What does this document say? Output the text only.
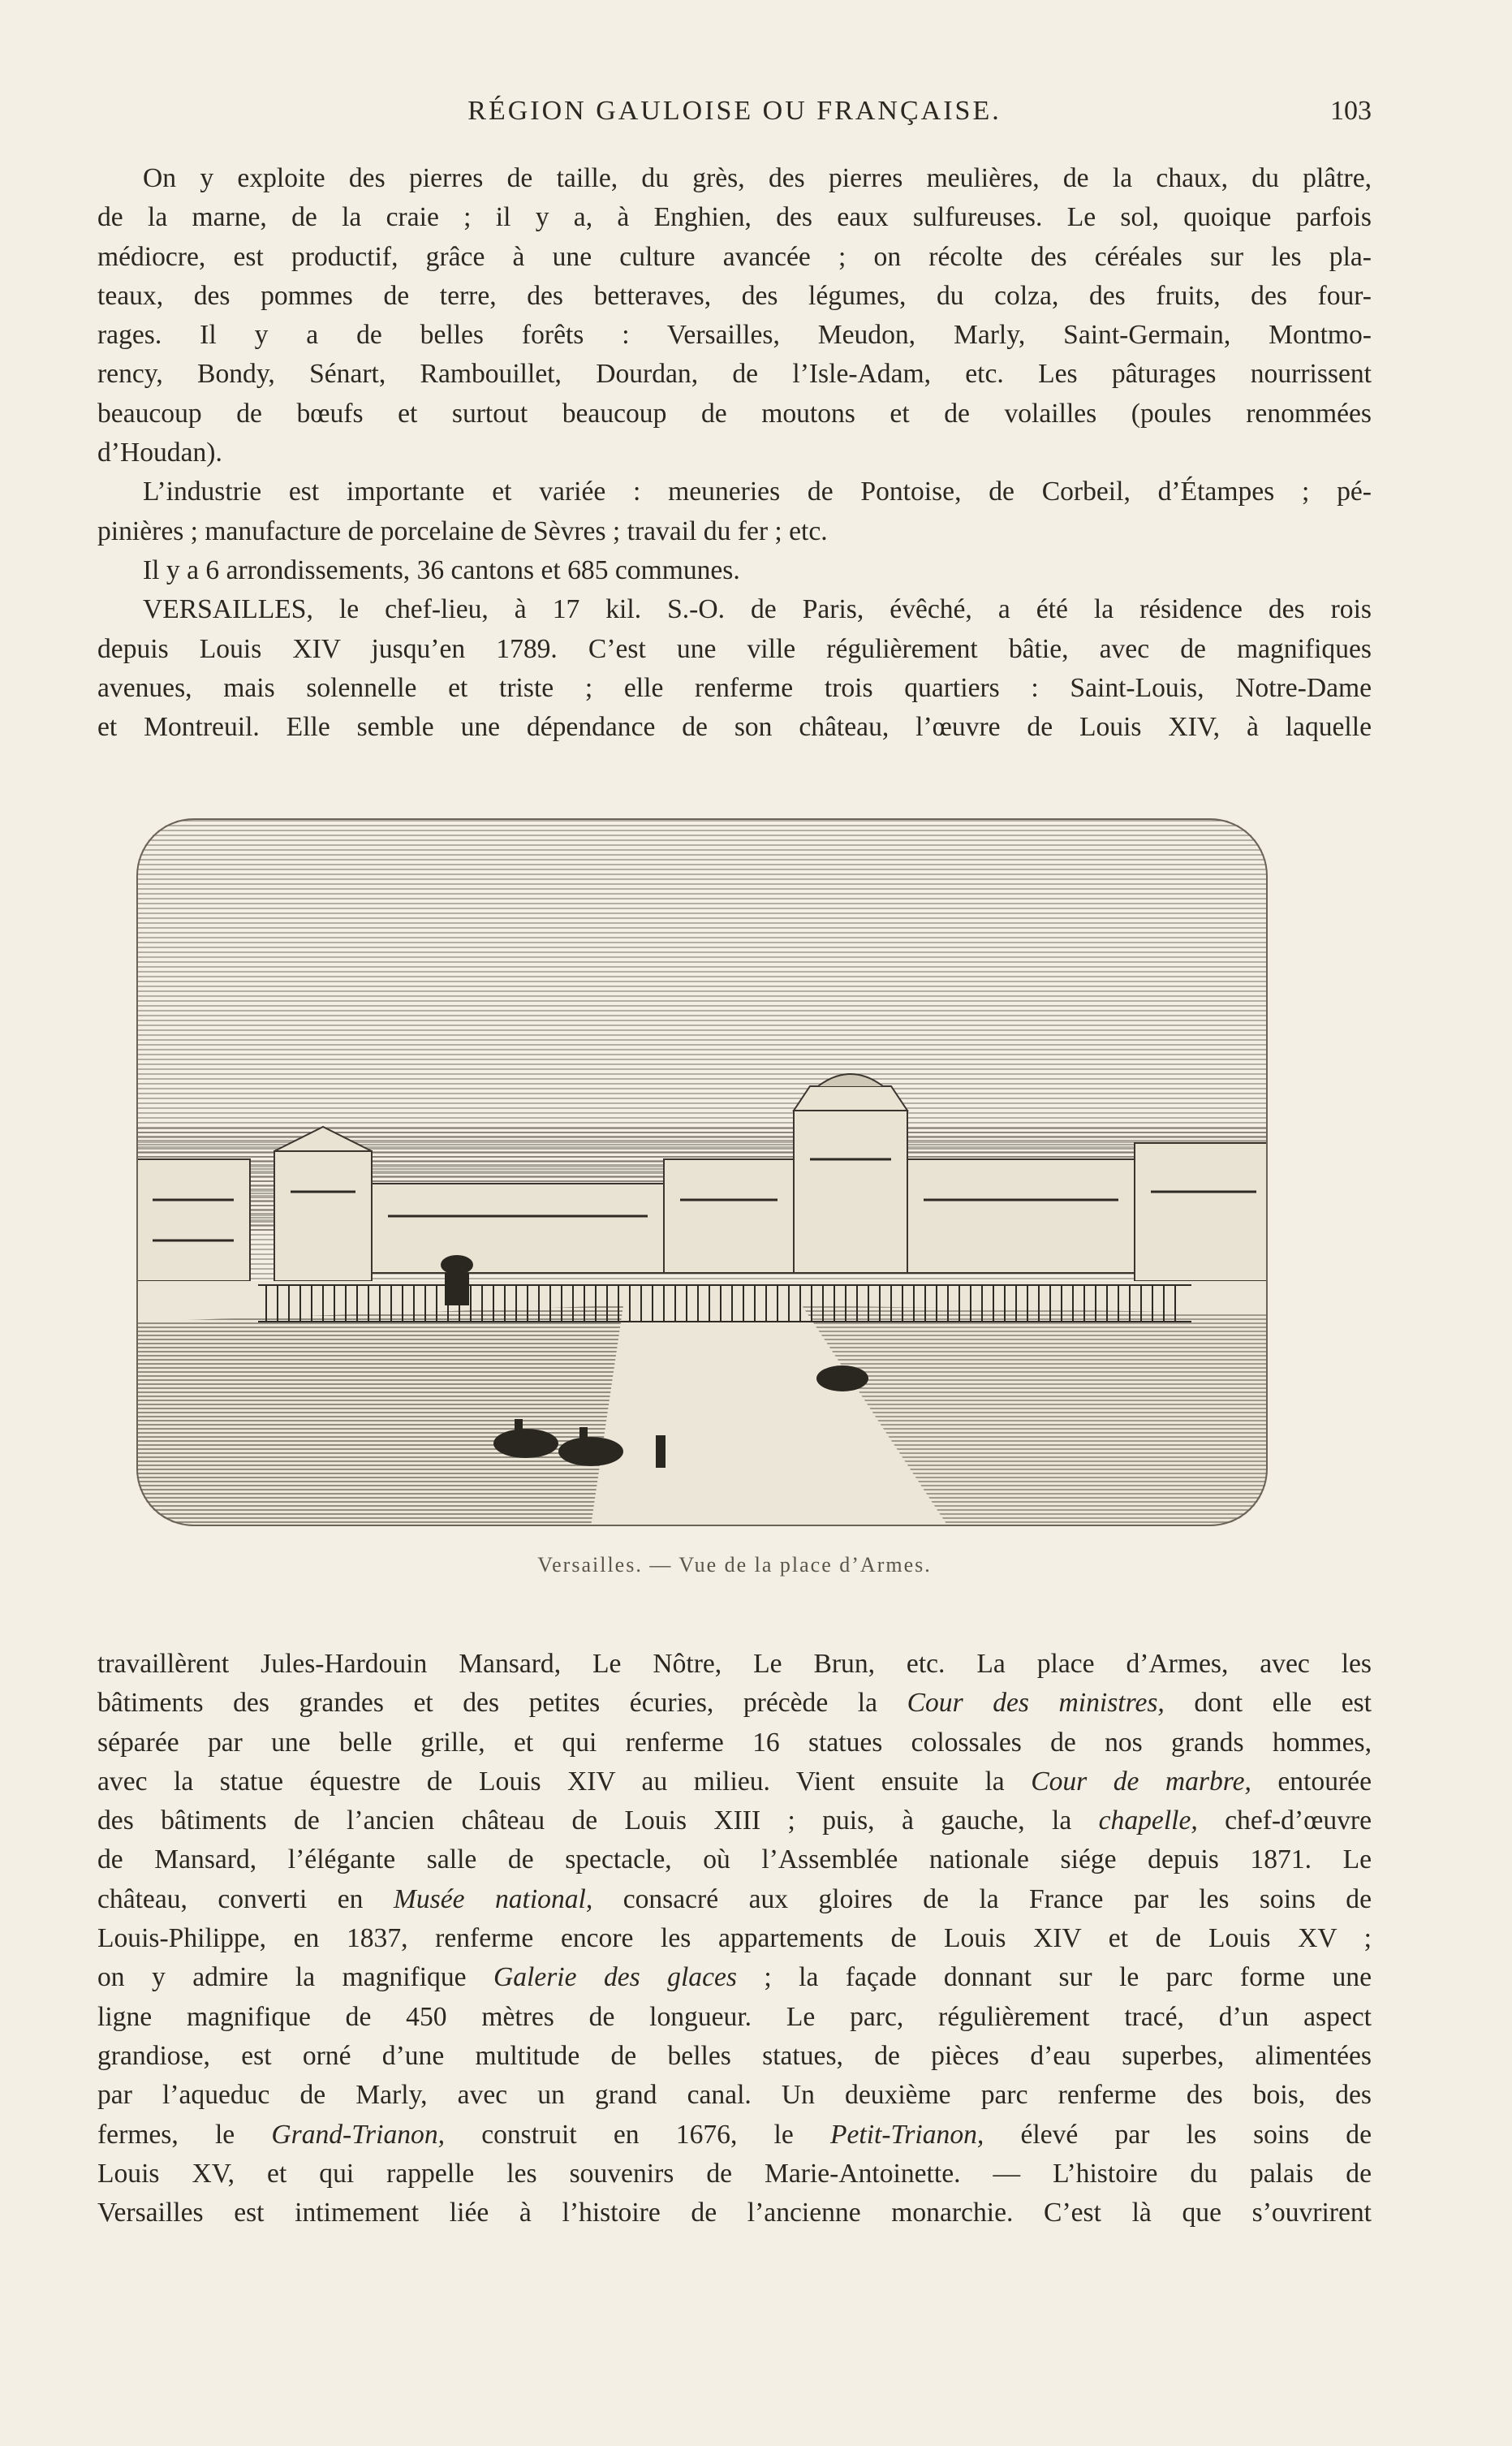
RÉGION GAULOISE OU FRANÇAISE.	103
On y exploite des pierres de taille, du grès, des pierres meulières, de la chaux, du plâtre,
de la marne, de la craie ; il y a, à Enghien, des eaux sulfureuses. Le sol, quoique parfois
médiocre, est productif, grâce à une culture avancée ; on récolte des céréales sur les pla-
teaux, des pommes de terre, des betteraves, des légumes, du colza, des fruits, des four-
rages. Il y a de belles forêts : Versailles, Meudon, Marly, Saint-Germain, Montmo-
rency, Bondy, Sénart, Rambouillet, Dourdan, de l’Isle-Adam, etc. Les pâturages nourrissent
beaucoup de bœufs et surtout beaucoup de moutons et de volailles (poules renommées
d’Houdan).
L’industrie est importante et variée : meuneries de Pontoise, de Corbeil, d’Étampes ; pé-
pinières ; manufacture de porcelaine de Sèvres ; travail du fer ; etc.
Il y a 6 arrondissements, 36 cantons et 685 communes.
VERSAILLES, le chef-lieu, à 17 kil. S.-O. de Paris, évêché, a été la résidence des rois
depuis Louis XIV jusqu’en 1789. C’est une ville régulièrement bâtie, avec de magnifiques
avenues, mais solennelle et triste ; elle renferme trois quartiers : Saint-Louis, Notre-Dame
et Montreuil. Elle semble une dépendance de son château, l’œuvre de Louis XIV, à laquelle
Versailles. — Vue de la place d’Armes.
travaillèrent Jules-Hardouin Mansard, Le Nôtre, Le Brun, etc. La place d’Armes, avec les
bâtiments des grandes et des petites écuries, précède la Cour des ministres, dont elle est
séparée par une belle grille, et qui renferme 16 statues colossales de nos grands hommes,
avec la statue équestre de Louis XIV au milieu. Vient ensuite la Cour de marbre, entourée
des bâtiments de l’ancien château de Louis XIII ; puis, à gauche, la chapelle, chef-d’œuvre
de Mansard, l’élégante salle de spectacle, où l’Assemblée nationale siége depuis 1871. Le
château, converti en Musée national, consacré aux gloires de la France par les soins de
Louis-Philippe, en 1837, renferme encore les appartements de Louis XIV et de Louis XV ;
on y admire la magnifique Galerie des glaces ; la façade donnant sur le parc forme une
ligne magnifique de 450 mètres de longueur. Le parc, régulièrement tracé, d’un aspect
grandiose, est orné d’une multitude de belles statues, de pièces d’eau superbes, alimentées
par l’aqueduc de Marly, avec un grand canal. Un deuxième parc renferme des bois, des
fermes, le Grand-Trianon, construit en 1676, le Petit-Trianon, élevé par les soins de
Louis XV, et qui rappelle les souvenirs de Marie-Antoinette. — L’histoire du palais de
Versailles est intimement liée à l’histoire de l’ancienne monarchie. C’est là que s’ouvrirent
